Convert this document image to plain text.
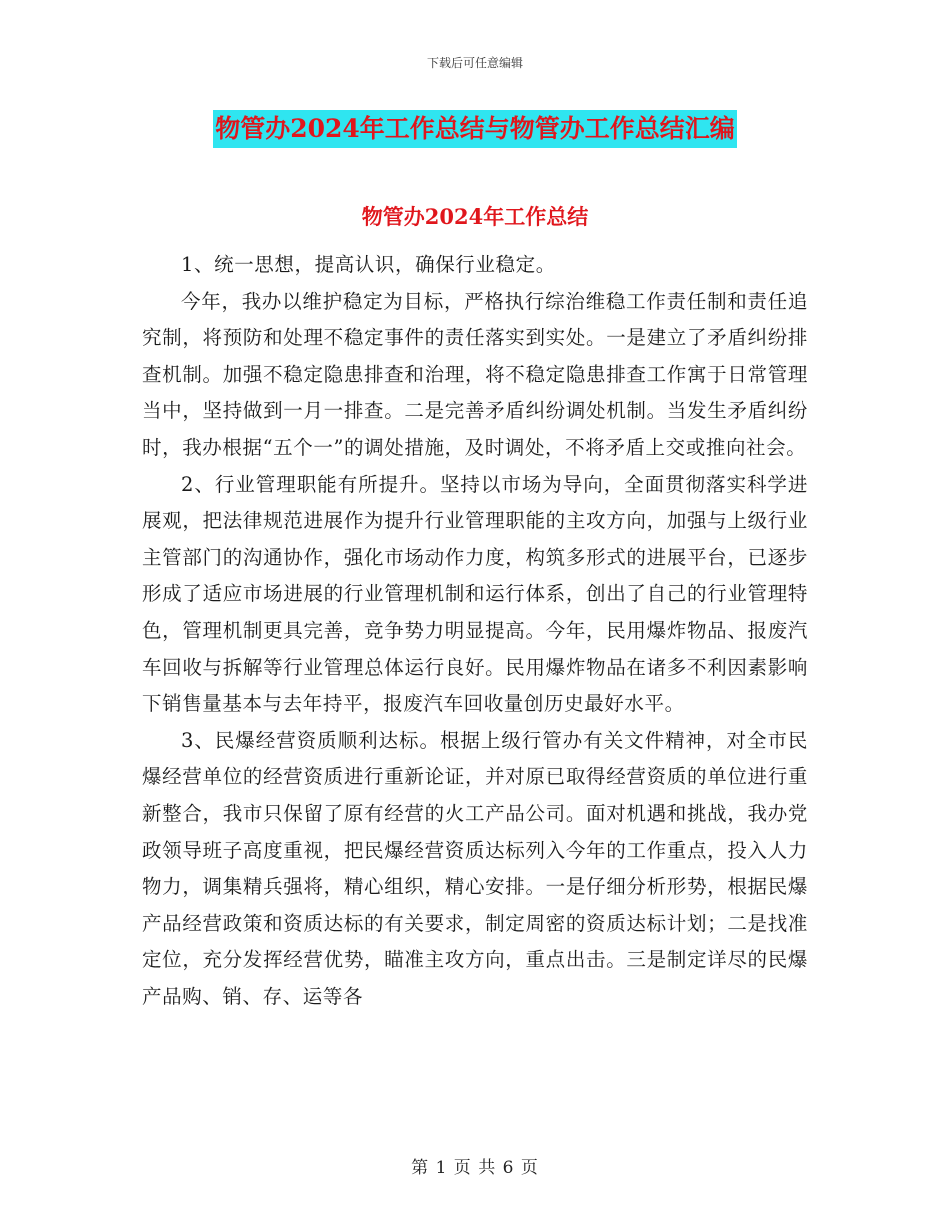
下载后可任意编辑
物管办2024年工作总结与物管办工作总结汇编
物管办2024年工作总结

1、统一思想，提高认识，确保行业稳定。

今年，我办以维护稳定为目标，严格执行综治维稳工作责任制和责任追究制，将预防和处理不稳定事件的责任落实到实处。一是建立了矛盾纠纷排查机制。加强不稳定隐患排查和治理，将不稳定隐患排查工作寓于日常管理当中，坚持做到一月一排查。二是完善矛盾纠纷调处机制。当发生矛盾纠纷时，我办根据“五个一”的调处措施，及时调处，不将矛盾上交或推向社会。

2、行业管理职能有所提升。坚持以市场为导向，全面贯彻落实科学进展观，把法律规范进展作为提升行业管理职能的主攻方向，加强与上级行业主管部门的沟通协作，强化市场动作力度，构筑多形式的进展平台，已逐步形成了适应市场进展的行业管理机制和运行体系，创出了自己的行业管理特色，管理机制更具完善，竞争势力明显提高。今年，民用爆炸物品、报废汽车回收与拆解等行业管理总体运行良好。民用爆炸物品在诸多不利因素影响下销售量基本与去年持平，报废汽车回收量创历史最好水平。

3、民爆经营资质顺利达标。根据上级行管办有关文件精神，对全市民爆经营单位的经营资质进行重新论证，并对原已取得经营资质的单位进行重新整合，我市只保留了原有经营的火工产品公司。面对机遇和挑战，我办党政领导班子高度重视，把民爆经营资质达标列入今年的工作重点，投入人力物力，调集精兵强将，精心组织，精心安排。一是仔细分析形势，根据民爆产品经营政策和资质达标的有关要求，制定周密的资质达标计划；二是找准定位，充分发挥经营优势，瞄准主攻方向，重点出击。三是制定详尽的民爆产品购、销、存、运等各

第 1 页 共 6 页
